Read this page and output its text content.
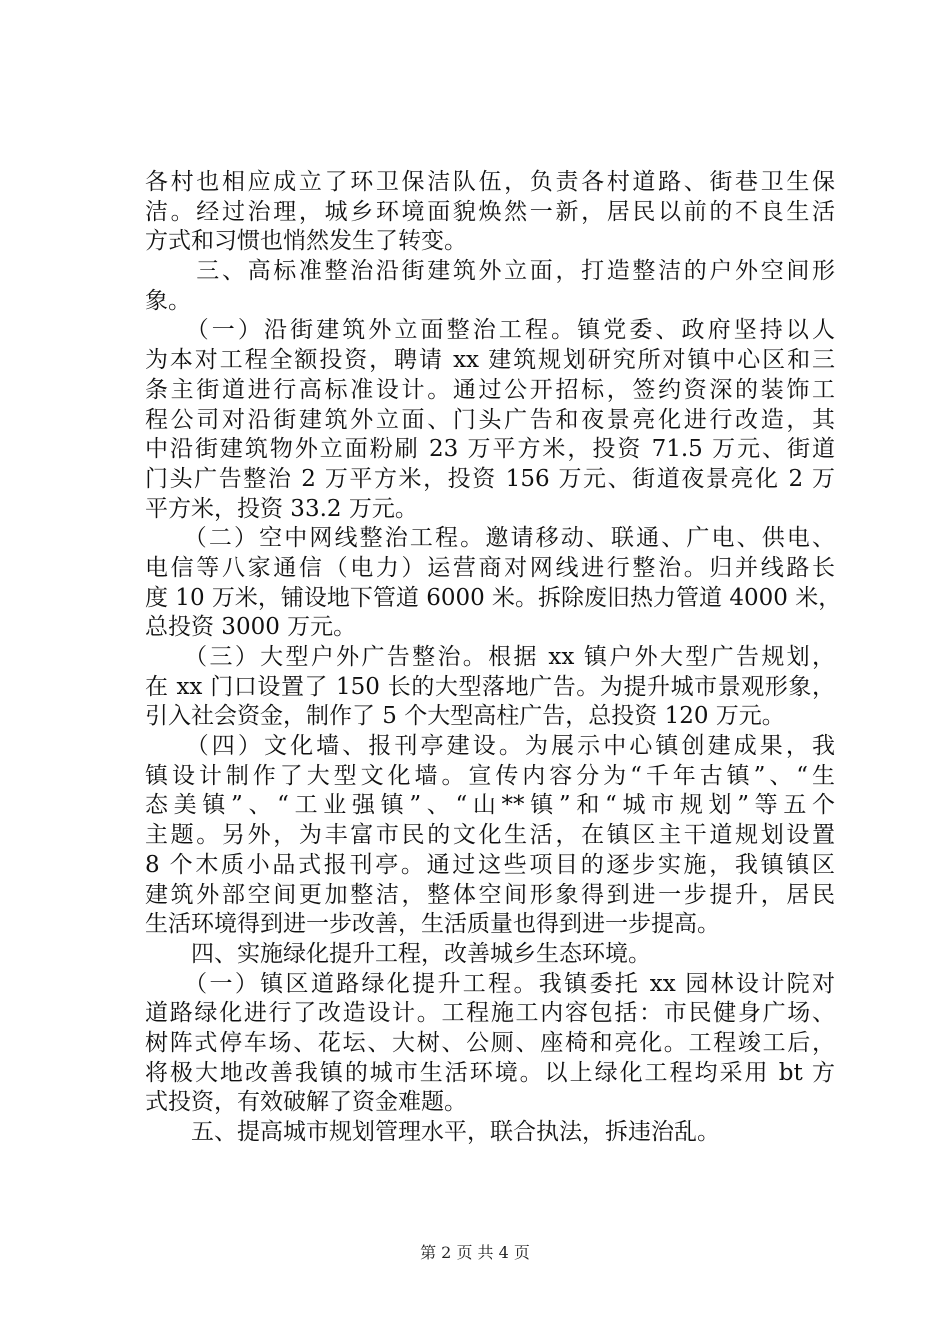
各村也相应成立了环卫保洁队伍，负责各村道路、街巷卫生保
洁。经过治理，城乡环境面貌焕然一新，居民以前的不良生活
方式和习惯也悄然发生了转变。
　　三、高标准整治沿街建筑外立面，打造整洁的户外空间形
象。
　　（一）沿街建筑外立面整治工程。镇党委、政府坚持以人
为本对工程全额投资，聘请 xx 建筑规划研究所对镇中心区和三
条主街道进行高标准设计。通过公开招标，签约资深的装饰工
程公司对沿街建筑外立面、门头广告和夜景亮化进行改造，其
中沿街建筑物外立面粉刷 23 万平方米，投资 71.5 万元、街道
门头广告整治 2 万平方米，投资 156 万元、街道夜景亮化 2 万
平方米，投资 33.2 万元。
　　（二）空中网线整治工程。邀请移动、联通、广电、供电、
电信等八家通信（电力）运营商对网线进行整治。归并线路长
度 10 万米，铺设地下管道 6000 米。拆除废旧热力管道 4000 米，
总投资 3000 万元。
　　（三）大型户外广告整治。根据 xx 镇户外大型广告规划，
在 xx 门口设置了 150 长的大型落地广告。为提升城市景观形象，
引入社会资金，制作了 5 个大型高柱广告，总投资 120 万元。
　　（四）文化墙、报刊亭建设。为展示中心镇创建成果，我
镇设计制作了大型文化墙。宣传内容分为“千年古镇”、“生
态美镇”、“工业强镇”、“山**镇”和“城市规划”等五个
主题。另外，为丰富市民的文化生活，在镇区主干道规划设置
8 个木质小品式报刊亭。通过这些项目的逐步实施，我镇镇区
建筑外部空间更加整洁，整体空间形象得到进一步提升，居民
生活环境得到进一步改善，生活质量也得到进一步提高。
　　四、实施绿化提升工程，改善城乡生态环境。
　　（一）镇区道路绿化提升工程。我镇委托 xx 园林设计院对
道路绿化进行了改造设计。工程施工内容包括：市民健身广场、
树阵式停车场、花坛、大树、公厕、座椅和亮化。工程竣工后，
将极大地改善我镇的城市生活环境。以上绿化工程均采用 bt 方
式投资，有效破解了资金难题。
　　五、提高城市规划管理水平，联合执法，拆违治乱。
第 2 页 共 4 页
